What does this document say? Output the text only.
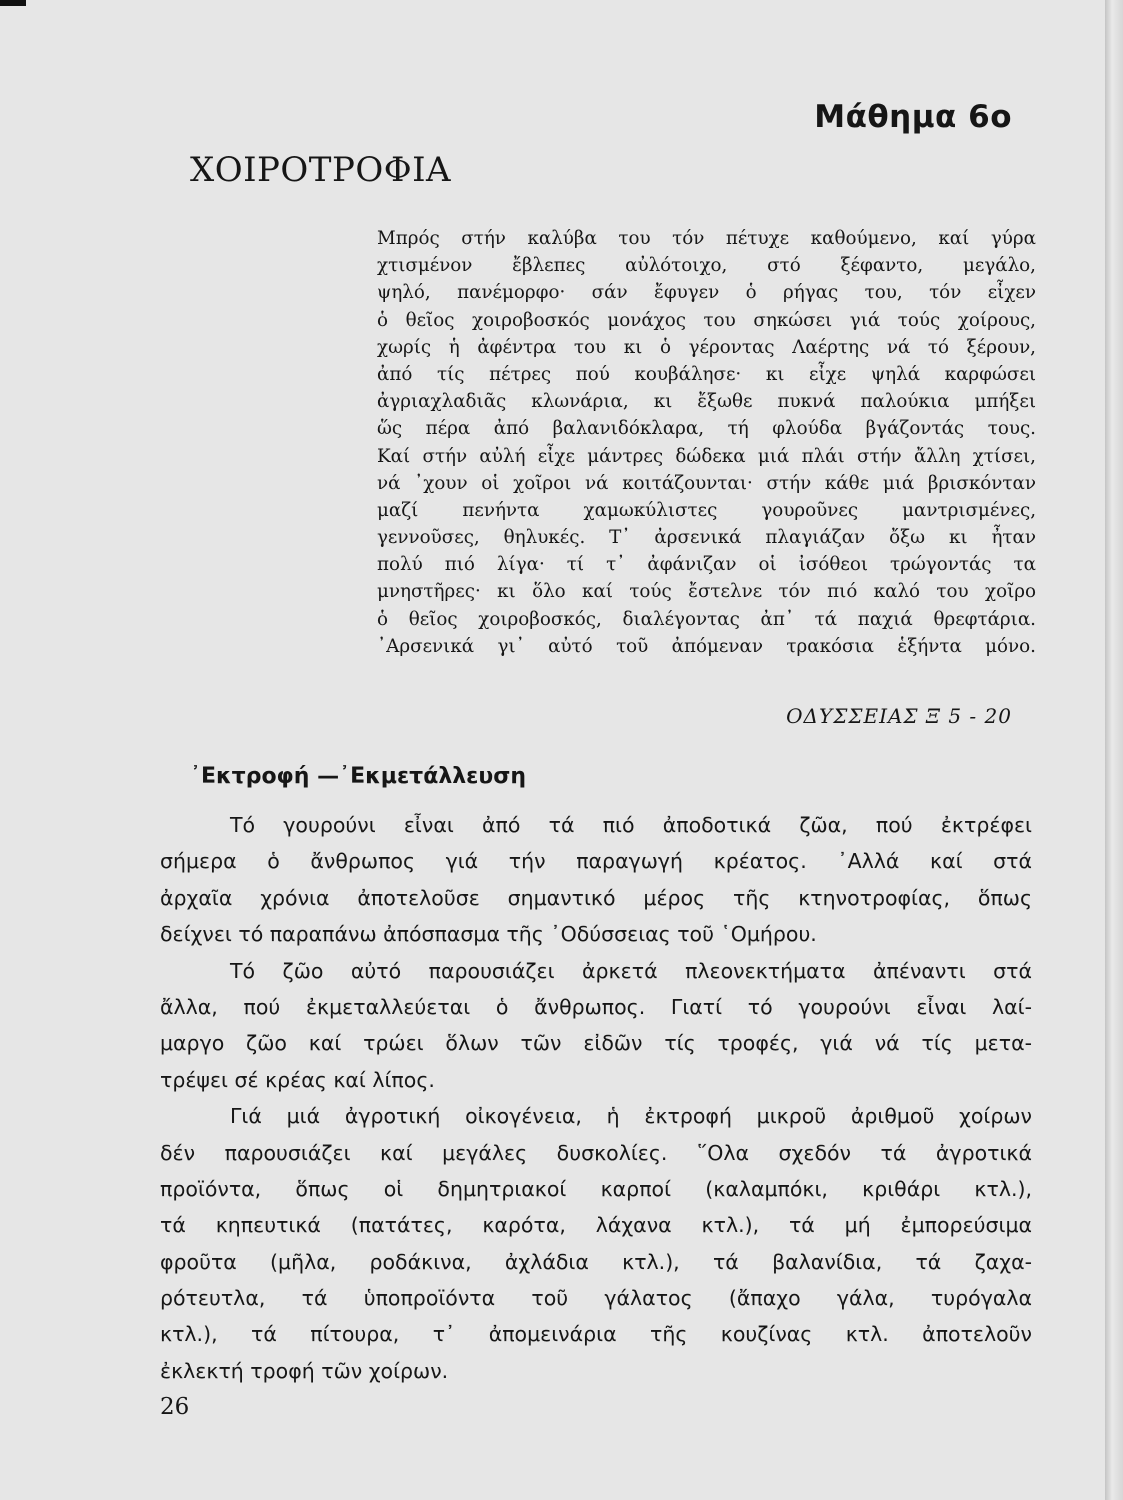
Μάθημα 6ο
ΧΟΙΡΟΤΡΟΦΙΑ
Μπρός στήν καλύβα του τόν πέτυχε καθούμενο, καί γύρα
χτισμένον ἔβλεπες αὐλότοιχο, στό ξέφαντο, μεγάλο,
ψηλό, πανέμορφο· σάν ἔφυγεν ὁ ρήγας του, τόν εἶχεν
ὁ θεῖος χοιροβοσκός μονάχος του σηκώσει γιά τούς χοίρους,
χωρίς ἡ ἀφέντρα του κι ὁ γέροντας Λαέρτης νά τό ξέρουν,
ἀπό τίς πέτρες πού κουβάλησε· κι εἶχε ψηλά καρφώσει
ἀγριαχλαδιᾶς κλωνάρια, κι ἔξωθε πυκνά παλούκια μπήξει
ὥς πέρα ἀπό βαλανιδόκλαρα, τή φλούδα βγάζοντάς τους.
Καί στήν αὐλή εἶχε μάντρες δώδεκα μιά πλάι στήν ἄλλη χτίσει,
νά ᾽χουν οἱ χοῖροι νά κοιτάζουνται· στήν κάθε μιά βρισκόνταν
μαζί πενήντα χαμωκύλιστες γουροῦνες μαντρισμένες,
γεννοῦσες, θηλυκές. Τ᾽ ἀρσενικά πλαγιάζαν ὄξω κι ἦταν
πολύ πιό λίγα· τί τ᾽ ἀφάνιζαν οἱ ἰσόθεοι τρώγοντάς τα
μνηστῆρες· κι ὅλο καί τούς ἔστελνε τόν πιό καλό του χοῖρο
ὁ θεῖος χοιροβοσκός, διαλέγοντας ἀπ᾽ τά παχιά θρεφτάρια.
᾽Αρσενικά γι᾽ αὐτό τοῦ ἀπόμεναν τρακόσια ἑξήντα μόνο.

ΟΔΥΣΣΕΙΑΣ Ξ 5 - 20

᾽Εκτροφή —᾽Εκμετάλλευση
Τό γουρούνι εἶναι ἀπό τά πιό ἀποδοτικά ζῶα, πού ἐκτρέφει
σήμερα ὁ ἄνθρωπος γιά τήν παραγωγή κρέατος. ᾽Αλλά καί στά
ἀρχαῖα χρόνια ἀποτελοῦσε σημαντικό μέρος τῆς κτηνοτροφίας, ὅπως
δείχνει τό παραπάνω ἀπόσπασμα τῆς ᾽Οδύσσειας τοῦ ῾Ομήρου.
Τό ζῶο αὐτό παρουσιάζει ἀρκετά πλεονεκτήματα ἀπέναντι στά
ἄλλα, πού ἐκμεταλλεύεται ὁ ἄνθρωπος. Γιατί τό γουρούνι εἶναι λαί-
μαργο ζῶο καί τρώει ὅλων τῶν εἰδῶν τίς τροφές, γιά νά τίς μετα-
τρέψει σέ κρέας καί λίπος.
Γιά μιά ἀγροτική οἰκογένεια, ἡ ἐκτροφή μικροῦ ἀριθμοῦ χοίρων
δέν παρουσιάζει καί μεγάλες δυσκολίες. ῞Ολα σχεδόν τά ἀγροτικά
προϊόντα, ὅπως οἱ δημητριακοί καρποί (καλαμπόκι, κριθάρι κτλ.),
τά κηπευτικά (πατάτες, καρότα, λάχανα κτλ.), τά μή ἐμπορεύσιμα
φροῦτα (μῆλα, ροδάκινα, ἀχλάδια κτλ.), τά βαλανίδια, τά ζαχα-
ρότευτλα, τά ὑποπροϊόντα τοῦ γάλατος (ἄπαχο γάλα, τυρόγαλα
κτλ.), τά πίτουρα, τ᾽ ἀπομεινάρια τῆς κουζίνας κτλ. ἀποτελοῦν
ἐκλεκτή τροφή τῶν χοίρων.

26
